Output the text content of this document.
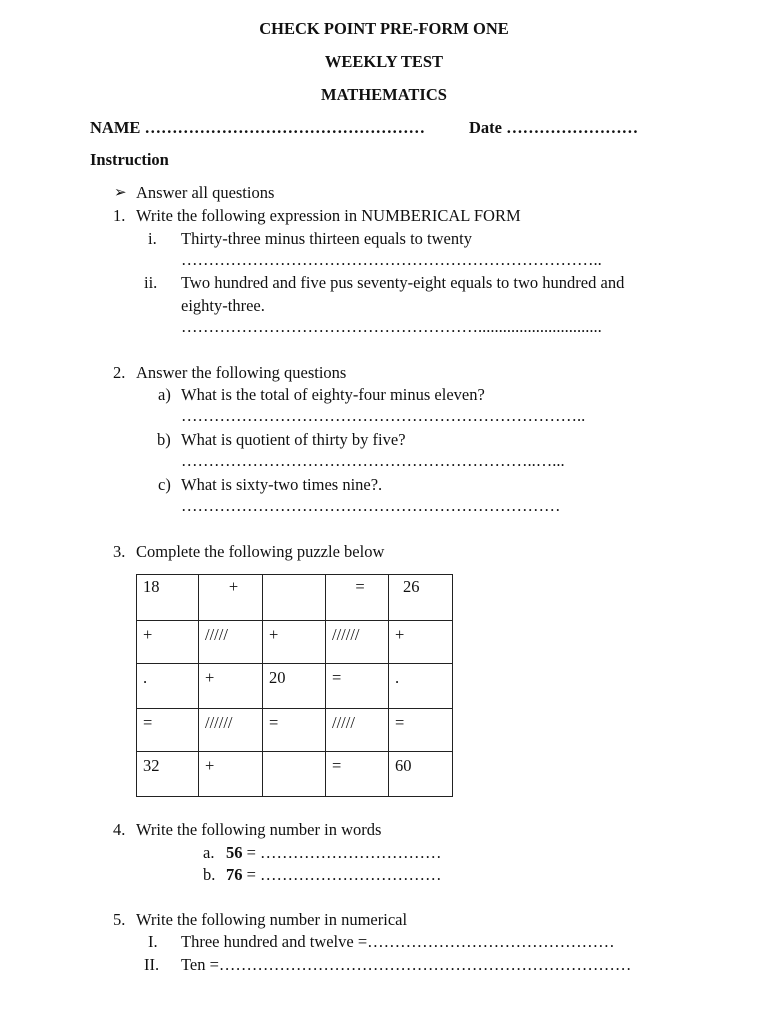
CHECK POINT PRE-FORM ONE
WEEKLY TEST
MATHEMATICS
NAME ……………………………………………	Date ……………………
Instruction
➢ Answer all questions
1. Write the following expression in NUMBERICAL FORM
i. Thirty-three minus thirteen equals to twenty
…………………………………………………………………..
ii. Two hundred and five pus seventy-eight equals to two hundred and
eighty-three.
………………………………………………..............................
2. Answer the following questions
a) What is the total of eighty-four minus eleven?
………………………………………………………………..
b) What is quotient of thirty by five?
………………………………………………………..…...
c) What is sixty-two times nine?.
……………………………………………………………
3. Complete the following puzzle below
18	+		=	26
+	/////	+	//////	+
.	+	20	=	.
=	//////	=	/////	=
32	+		=	60
4. Write the following number in words
a. 56 = ……………………………
b. 76 = ……………………………
5. Write the following number in numerical
I. Three hundred and twelve =………………………………………
II. Ten =…………………………………………………………………
